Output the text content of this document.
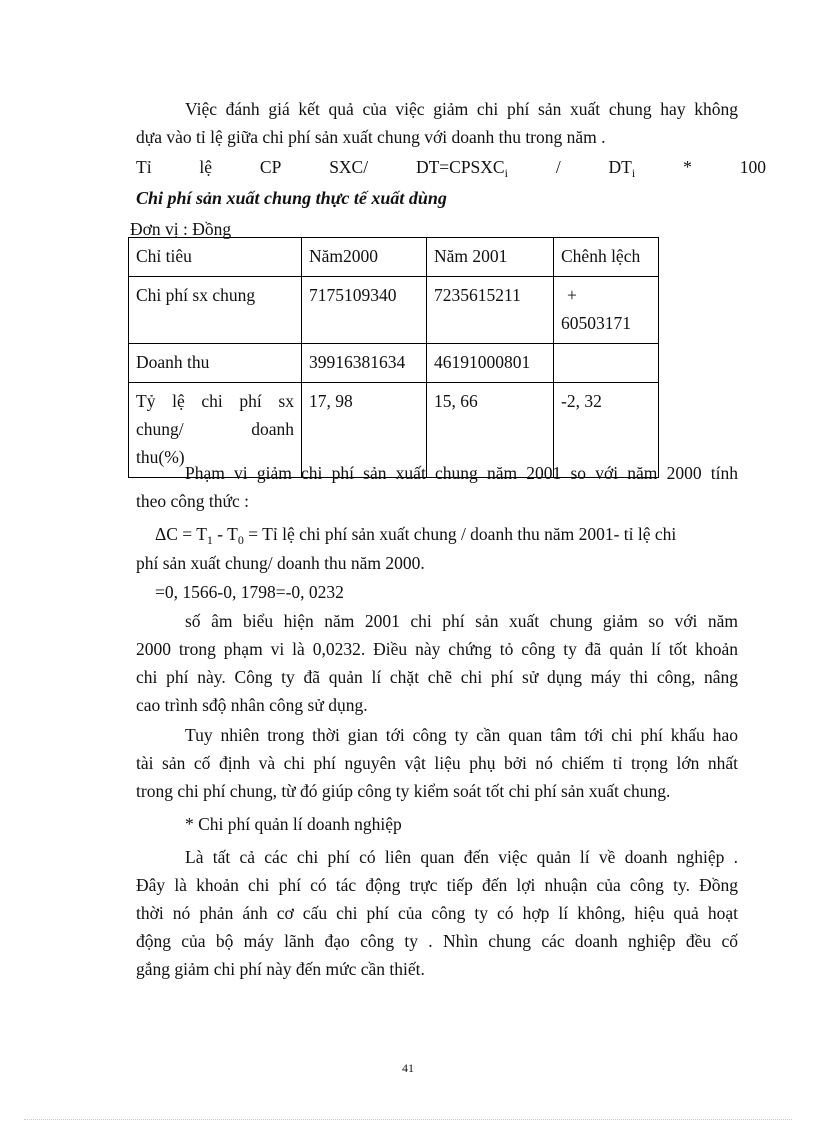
Việc đánh giá kết quả của việc giảm chi phí sản xuất chung hay không
dựa vào tỉ lệ giữa chi phí sản xuất chung với doanh thu trong năm .
Tỉ	lệ	CP	SXC/	$DT=CPSXC_i$	/	$DT_i$	*	100
Chi phí sản xuất chung thực tế xuất dùng
Đơn vị : Đồng
Chỉ tiêu	Năm2000	Năm 2001	Chênh lệch
Chi phí sx chung	7175109340	7235615211	+
60503171

Doanh thu	39916381634	46191000801	

Tỷ lệ chi phí sx
chung/ doanh
thu(%)	17, 98	15, 66	-2, 32
Phạm vi giảm chi phí sản xuất chung năm 2001 so với năm 2000 tính
theo công thức :
$\Delta C = T_1 - T_0$ = Tỉ lệ chi phí sản xuất chung / doanh thu năm 2001- tỉ lệ chi
phí sản xuất chung/ doanh thu năm 2000.
=0, 1566-0, 1798=-0, 0232
số âm biểu hiện năm 2001 chi phí sản xuất chung giảm so với năm
2000 trong phạm vi là 0,0232. Điều này chứng tỏ công ty đã quản lí tốt khoản
chi phí này. Công ty đã quản lí chặt chẽ chi phí sử dụng máy thi công, nâng
cao trình sđộ nhân công sử dụng.
Tuy nhiên trong thời gian tới công ty cần quan tâm tới chi phí khấu hao
tài sản cố định và chi phí nguyên vật liệu phụ bởi nó chiếm tỉ trọng lớn nhất
trong chi phí chung, từ đó giúp công ty kiểm soát tốt chi phí sản xuất chung.
* Chi phí quản lí doanh nghiệp
Là tất cả các chi phí có liên quan đến việc quản lí về doanh nghiệp .
Đây là khoản chi phí có tác động trực tiếp đến lợi nhuận của công ty. Đồng
thời nó phản ánh cơ cấu chi phí của công ty có hợp lí không, hiệu quả hoạt
động của bộ máy lãnh đạo công ty . Nhìn chung các doanh nghiệp đều cố
gắng giảm chi phí này đến mức cần thiết.
41
